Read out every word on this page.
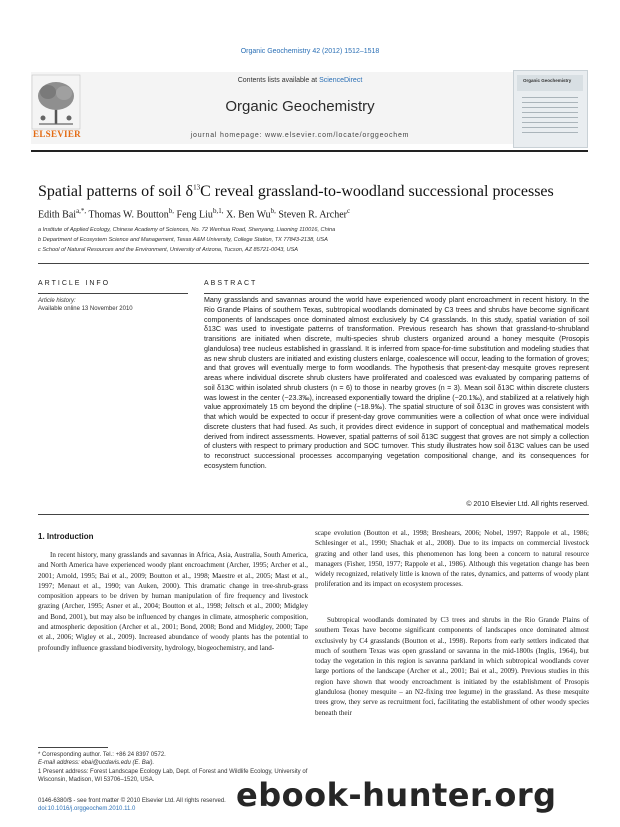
Organic Geochemistry 42 (2012) 1512–1518
ELSEVIER
Contents lists available at ScienceDirect
Organic Geochemistry
journal homepage: www.elsevier.com/locate/orggeochem
Organic Geochemistry
Spatial patterns of soil $\delta^{13}C$ reveal grassland-to-woodland successional processes
Edith Bai$^{a,*,}$ Thomas W. Boutton$^{b,}$ Feng Liu$^{b,1,}$ X. Ben $Wu^{b,}$ Steven R. Archer$^c$
a Institute of Applied Ecology, Chinese Academy of Sciences, No. 72 Wenhua Road, Shenyang, Liaoning 110016, China
b Department of Ecosystem Science and Management, Texas A&M University, College Station, TX 77843-2138, USA
c School of Natural Resources and the Environment, University of Arizona, Tucson, AZ 85721-0043, USA
ARTICLE INFO
Article history:
Available online 13 November 2010
ABSTRACT
Many grasslands and savannas around the world have experienced woody plant encroachment in recent history. In the Rio Grande Plains of southern Texas, subtropical woodlands dominated by C3 trees and shrubs have become significant components of landscapes once dominated almost exclusively by C4 grasslands. In this study, spatial variation of soil δ13C was used to investigate patterns of transformation. Previous research has shown that grassland-to-shrubland transitions are initiated when discrete, multi-species shrub clusters organized around a honey mesquite (Prosopis glandulosa) tree nucleus established in grassland. It is inferred from space-for-time substitution and modeling studies that as new shrub clusters are initiated and existing clusters enlarge, coalescence will occur, leading to the formation of groves; and that groves will eventually merge to form woodlands. The hypothesis that present-day mesquite groves represent areas where individual discrete shrub clusters have proliferated and coalesced was evaluated by comparing patterns of soil δ13C within isolated shrub clusters (n = 6) to those in nearby groves (n = 3). Mean soil δ13C within discrete clusters was lowest in the center (−23.3‰), increased exponentially toward the dripline (−20.1‰), and stabilized at a relatively high value approximately 15 cm beyond the dripline (−18.9‰). The spatial structure of soil δ13C in groves was consistent with that which would be expected to occur if present-day grove communities were a collection of what once were individual discrete clusters that had fused. As such, it provides direct evidence in support of conceptual and mathematical models derived from indirect assessments. However, spatial patterns of soil δ13C suggest that groves are not simply a collection of clusters with respect to primary production and SOC turnover. This study illustrates how soil δ13C values can be used to reconstruct successional processes accompanying vegetation compositional change, and its consequences for ecosystem function.
© 2010 Elsevier Ltd. All rights reserved.
1. Introduction
In recent history, many grasslands and savannas in Africa, Asia, Australia, South America, and North America have experienced woody plant encroachment (Archer, 1995; Archer et al., 2001; Arnold, 1995; Bai et al., 2009; Boutton et al., 1998; Maestre et al., 2005; Mast et al., 1997; Menaut et al., 1990; van Auken, 2000). This dramatic change in tree-shrub-grass composition appears to be driven by human manipulation of fire frequency and livestock grazing (Archer, 1995; Asner et al., 2004; Boutton et al., 1998; Jeltsch et al., 2000; Midgley and Bond, 2001), but may also be influenced by changes in climate, atmospheric composition, and atmospheric deposition (Archer et al., 2001; Bond, 2008; Bond and Midgley, 2000; Tape et al., 2006; Wigley et al., 2009). Increased abundance of woody plants has the potential to profoundly influence grassland biodiversity, hydrology, biogeochemistry, and land-
scape evolution (Boutton et al., 1998; Breshears, 2006; Nobel, 1997; Rappole et al., 1986; Schlesinger et al., 1990; Shachak et al., 2008). Due to its impacts on commercial livestock grazing and other land uses, this phenomenon has long been a concern to natural resource managers (Fisher, 1950, 1977; Rappole et al., 1986). Although this vegetation change has been widely recognized, relatively little is known of the rates, dynamics, and patterns of woody plant proliferation and its impact on ecosystem processes.
Subtropical woodlands dominated by C3 trees and shrubs in the Rio Grande Plains of southern Texas have become significant components of landscapes once dominated almost exclusively by C4 grasslands (Boutton et al., 1998). Reports from early settlers indicated that much of southern Texas was open grassland or savanna in the mid-1800s (Inglis, 1964), but today the vegetation in this region is savanna parkland in which subtropical woodlands cover large portions of the landscape (Archer et al., 2001; Bai et al., 2009). Previous studies in this region have shown that woody encroachment is initiated by the establishment of Prosopis glandulosa (honey mesquite – an N2-fixing tree legume) in the grassland. As these mesquite trees grow, they serve as recruitment foci, facilitating the establishment of other woody species beneath their
* Corresponding author. Tel.: +86 24 8397 0572.
E-mail address: ebai@ucdavis.edu (E. Bai).
1 Present address: Forest Landscape Ecology Lab, Dept. of Forest and Wildlife Ecology, University of Wisconsin, Madison, WI 53706–1520, USA.
0146-6380/$ - see front matter © 2010 Elsevier Ltd. All rights reserved.
doi:10.1016/j.orggeochem.2010.11.0	ebook-hunter.org
